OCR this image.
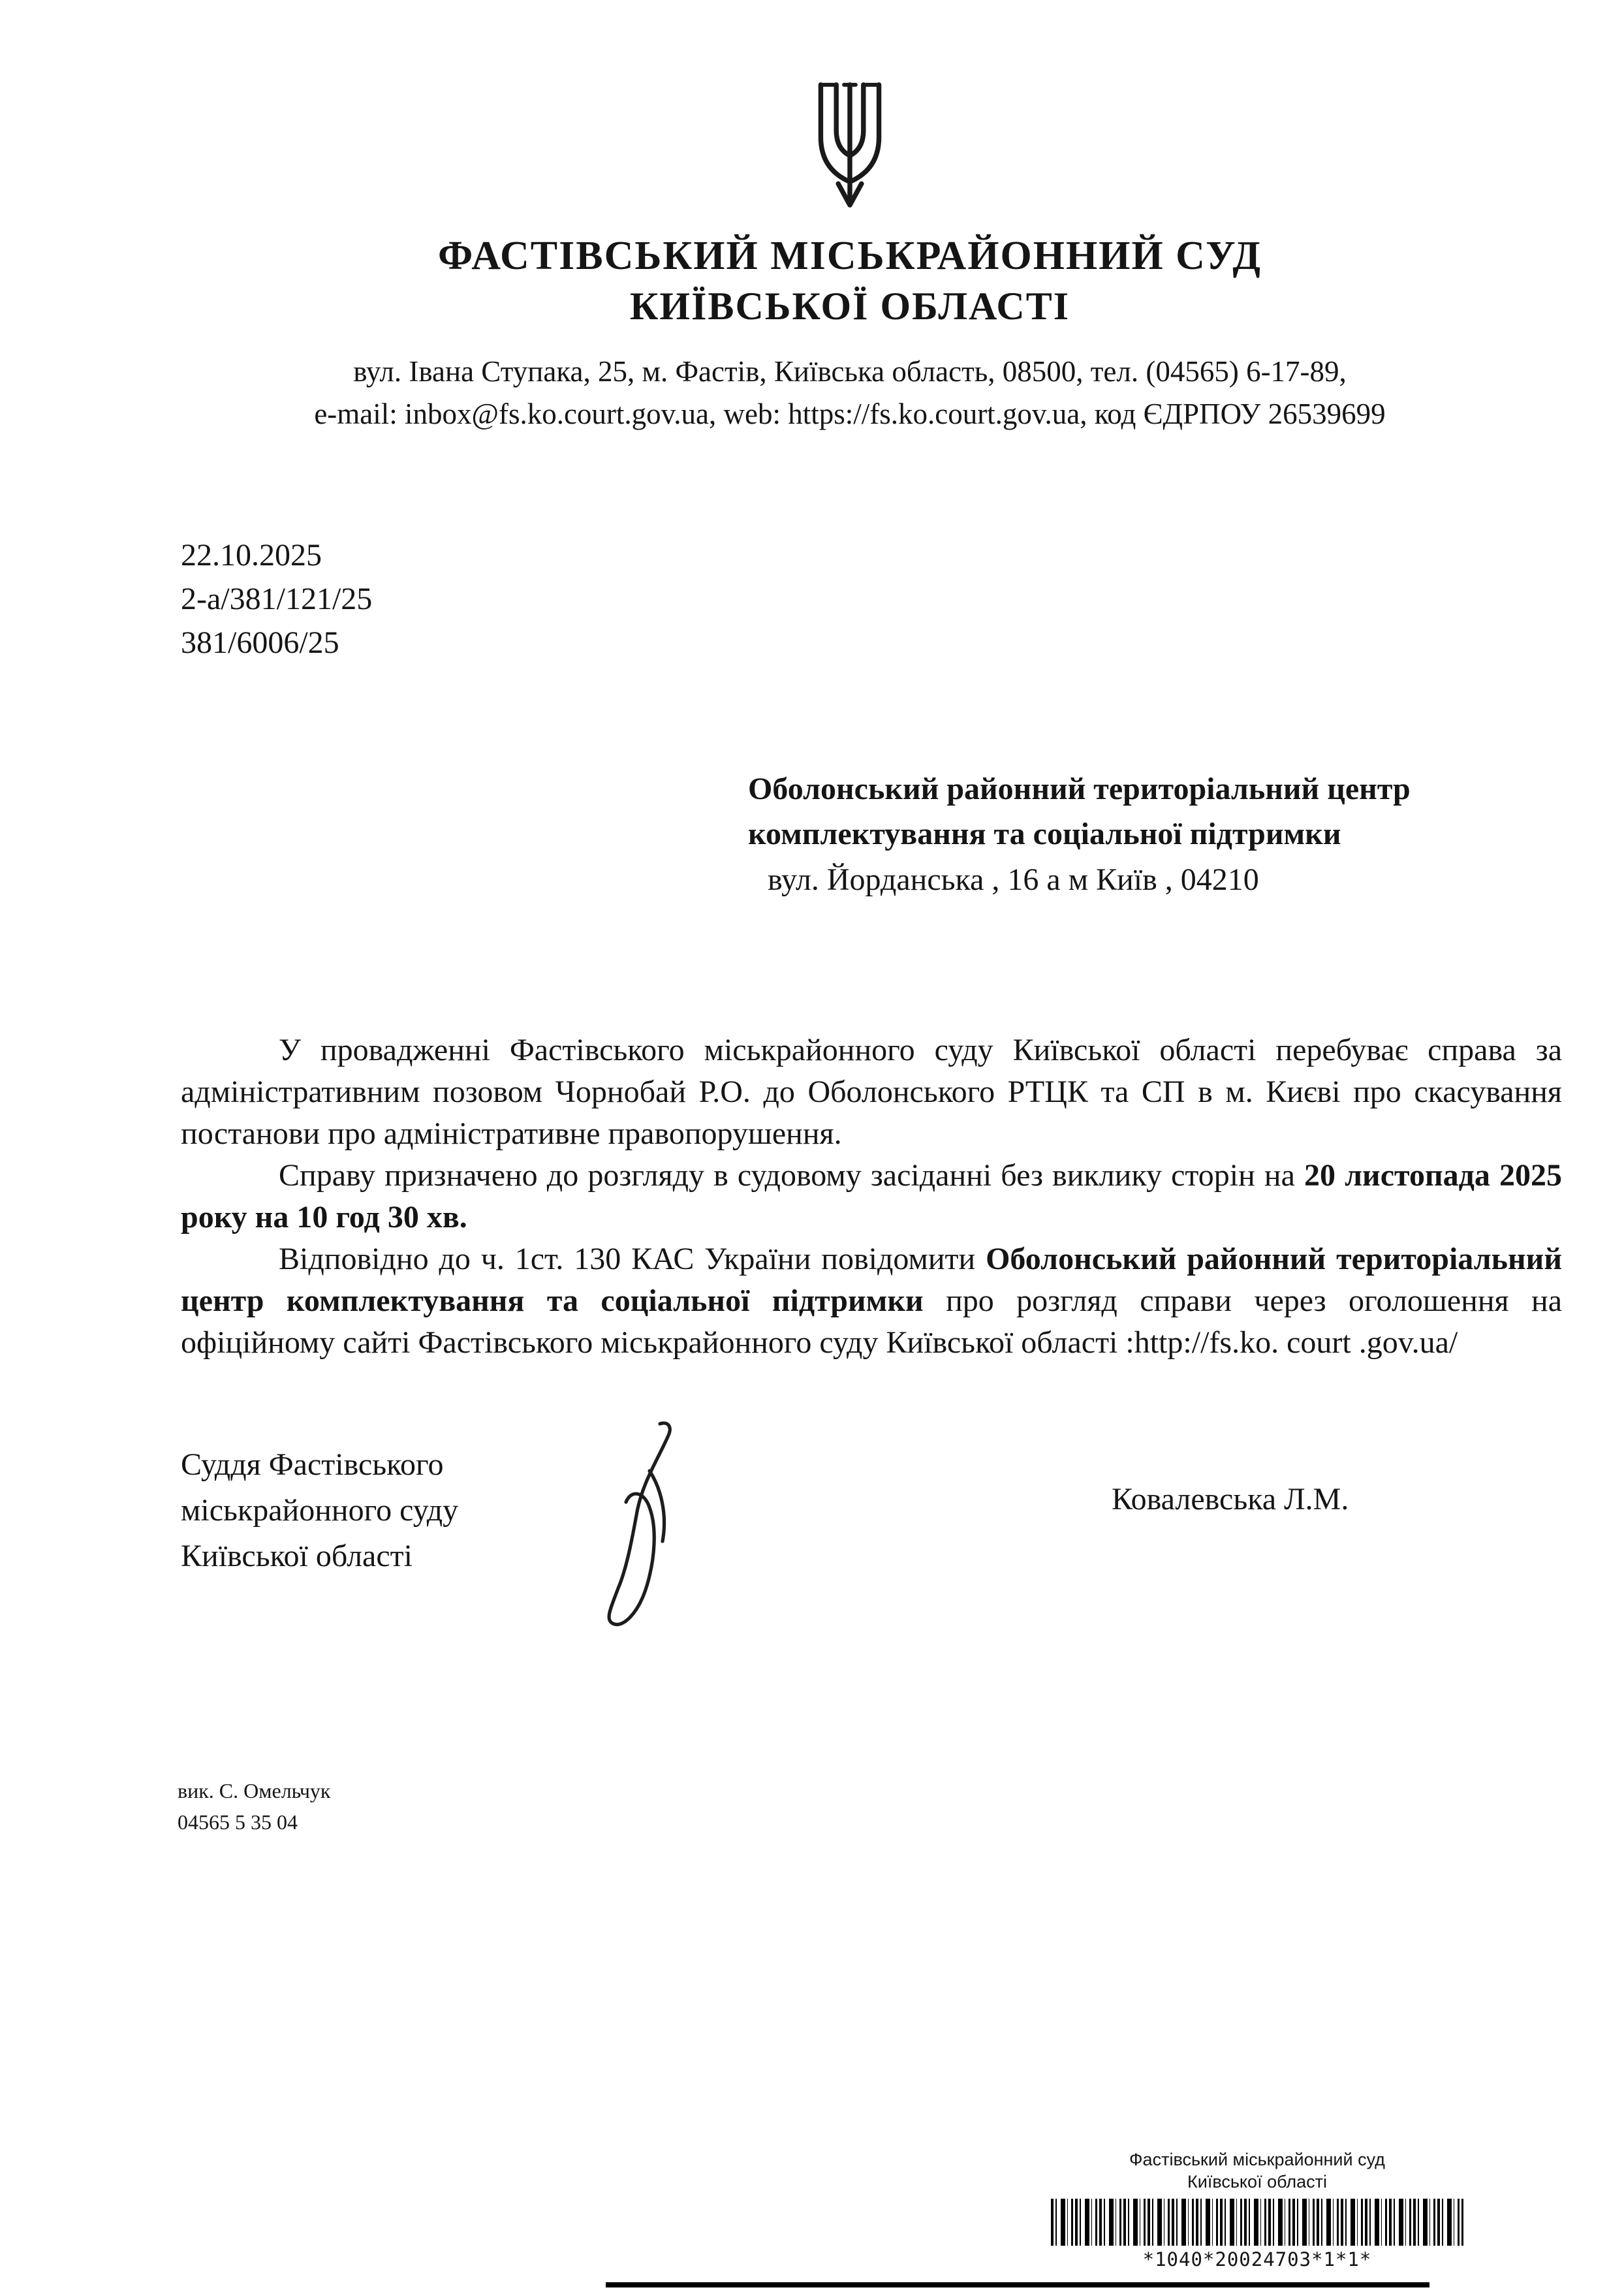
ФАСТІВСЬКИЙ МІСЬКРАЙОННИЙ СУД
КИЇВСЬКОЇ ОБЛАСТІ
вул. Івана Ступака, 25, м. Фастів, Київська область, 08500, тел. (04565) 6-17-89,
e-mail: inbox@fs.ko.court.gov.ua, web: https://fs.ko.court.gov.ua, код ЄДРПОУ 26539699
22.10.2025
2-а/381/121/25
381/6006/25
Оболонський районний територіальний центр
комплектування та соціальної підтримки
вул. Йорданська , 16 а м Київ , 04210

У провадженні Фастівського міськрайонного суду Київської області перебуває справа за адміністративним позовом Чорнобай Р.О. до Оболонського РТЦК та СП в м. Києві про скасування постанови про адміністративне правопорушення.

Справу призначено до розгляду в судовому засіданні без виклику сторін на 20 листопада 2025 року на 10 год 30 хв.

Відповідно до ч. 1ст. 130 КАС України повідомити Оболонський районний територіальний центр комплектування та соціальної підтримки про розгляд справи через оголошення на офіційному сайті Фастівського міськрайонного суду Київської області :http://fs.ko. court .gov.ua/

Суддя Фастівського
міськрайонного суду
Київської області
Ковалевська Л.М.
вик. С. Омельчук
04565 5 35 04
Фастівський міськрайонний суд
Київської області
*1040*20024703*1*1*
